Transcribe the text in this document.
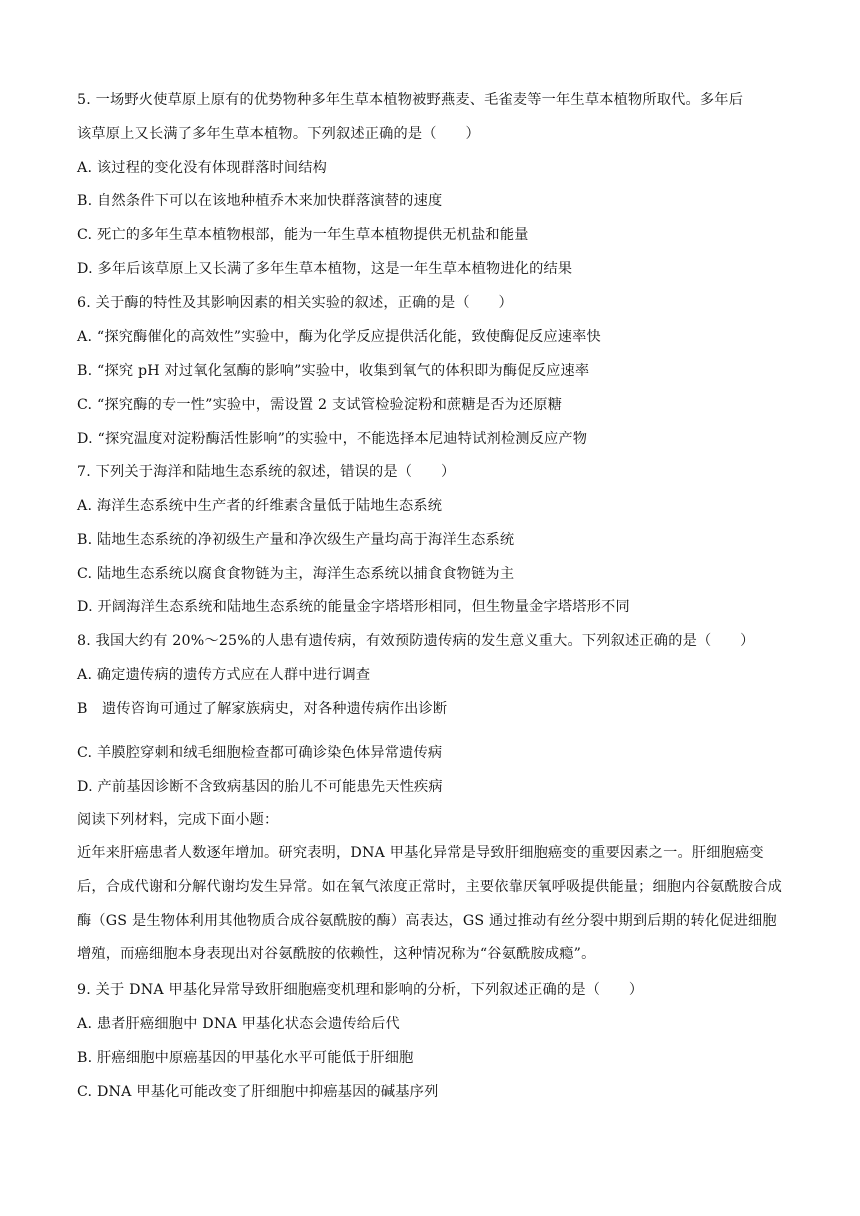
5. 一场野火使草原上原有的优势物种多年生草本植物被野燕麦、毛雀麦等一年生草本植物所取代。多年后
该草原上又长满了多年生草本植物。下列叙述正确的是（　　）
A. 该过程的变化没有体现群落时间结构
B. 自然条件下可以在该地种植乔木来加快群落演替的速度
C. 死亡的多年生草本植物根部，能为一年生草本植物提供无机盐和能量
D. 多年后该草原上又长满了多年生草本植物，这是一年生草本植物进化的结果
6. 关于酶的特性及其影响因素的相关实验的叙述，正确的是（　　）
A. “探究酶催化的高效性”实验中，酶为化学反应提供活化能，致使酶促反应速率快
B. “探究 pH 对过氧化氢酶的影响”实验中，收集到氧气的体积即为酶促反应速率
C. “探究酶的专一性”实验中，需设置 2 支试管检验淀粉和蔗糖是否为还原糖
D. “探究温度对淀粉酶活性影响”的实验中，不能选择本尼迪特试剂检测反应产物
7. 下列关于海洋和陆地生态系统的叙述，错误的是（　　）
A. 海洋生态系统中生产者的纤维素含量低于陆地生态系统
B. 陆地生态系统的净初级生产量和净次级生产量均高于海洋生态系统
C. 陆地生态系统以腐食食物链为主，海洋生态系统以捕食食物链为主
D. 开阔海洋生态系统和陆地生态系统的能量金字塔塔形相同，但生物量金字塔塔形不同
8. 我国大约有 20%～25%的人患有遗传病，有效预防遗传病的发生意义重大。下列叙述正确的是（　　）
A. 确定遗传病的遗传方式应在人群中进行调查
B　遗传咨询可通过了解家族病史，对各种遗传病作出诊断
C. 羊膜腔穿刺和绒毛细胞检查都可确诊染色体异常遗传病
D. 产前基因诊断不含致病基因的胎儿不可能患先天性疾病
阅读下列材料，完成下面小题：
近年来肝癌患者人数逐年增加。研究表明，DNA 甲基化异常是导致肝细胞癌变的重要因素之一。肝细胞癌变后，合成代谢和分解代谢均发生异常。如在氧气浓度正常时，主要依靠厌氧呼吸提供能量；细胞内谷氨酰胺合成酶（GS 是生物体利用其他物质合成谷氨酰胺的酶）高表达，GS 通过推动有丝分裂中期到后期的转化促进细胞增殖，而癌细胞本身表现出对谷氨酰胺的依赖性，这种情况称为“谷氨酰胺成瘾”。
9. 关于 DNA 甲基化异常导致肝细胞癌变机理和影响的分析，下列叙述正确的是（　　）
A. 患者肝癌细胞中 DNA 甲基化状态会遗传给后代
B. 肝癌细胞中原癌基因的甲基化水平可能低于肝细胞
C. DNA 甲基化可能改变了肝细胞中抑癌基因的碱基序列
